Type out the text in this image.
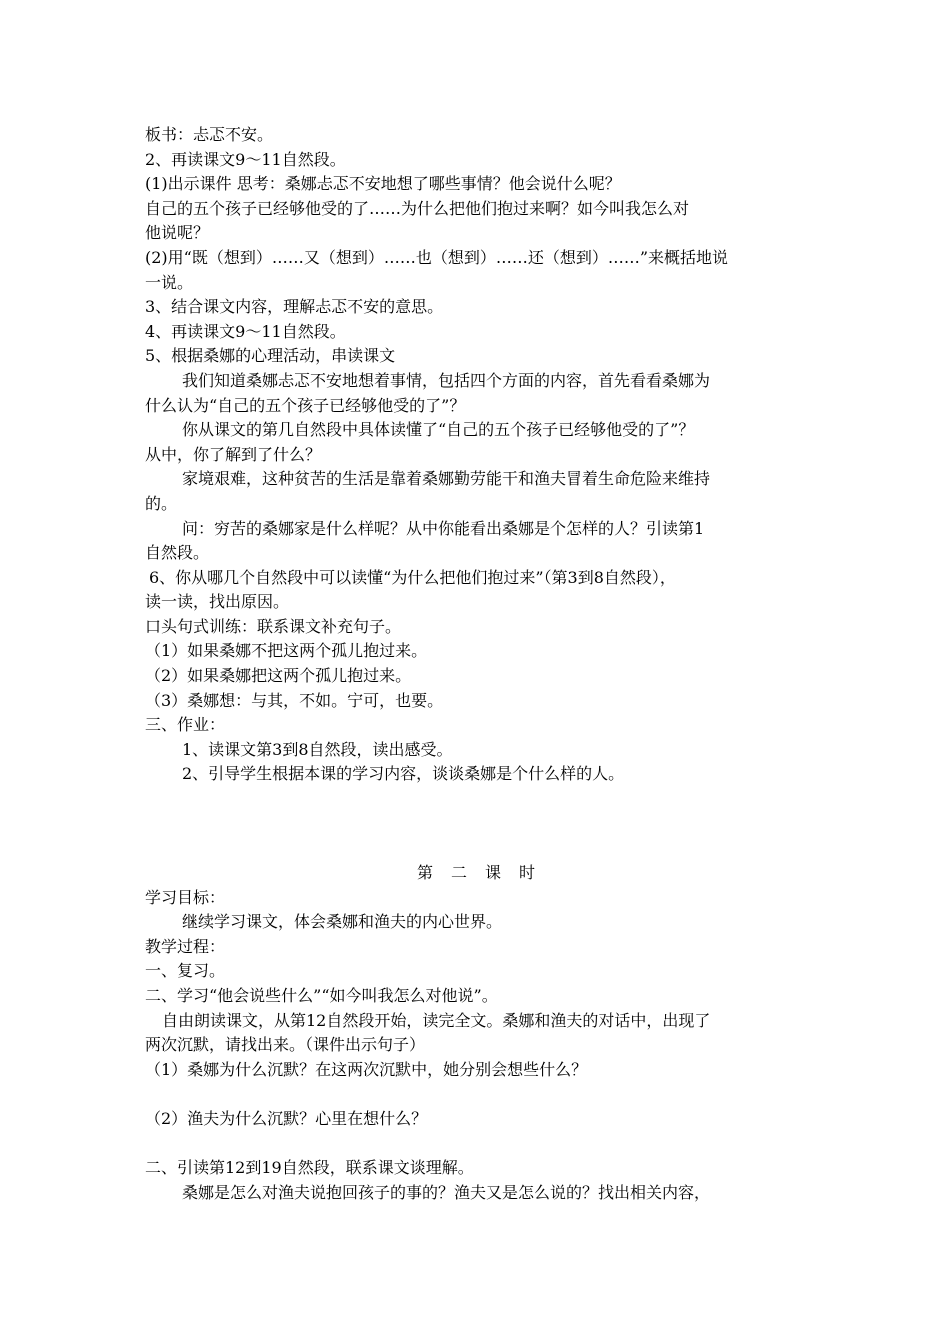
板书：忐忑不安。
2、再读课文9～11自然段。
(1)出示课件 思考：桑娜忐忑不安地想了哪些事情？他会说什么呢？
自己的五个孩子已经够他受的了……为什么把他们抱过来啊？如今叫我怎么对
他说呢？
(2)用“既（想到）……又（想到）……也（想到）……还（想到）……”来概括地说
一说。
3、结合课文内容，理解忐忑不安的意思。
4、再读课文9～11自然段。
5、根据桑娜的心理活动，串读课文
我们知道桑娜忐忑不安地想着事情，包括四个方面的内容，首先看看桑娜为
什么认为“自己的五个孩子已经够他受的了”？
你从课文的第几自然段中具体读懂了“自己的五个孩子已经够他受的了”？
从中，你了解到了什么？
家境艰难，这种贫苦的生活是靠着桑娜勤劳能干和渔夫冒着生命危险来维持
的。
问：穷苦的桑娜家是什么样呢？从中你能看出桑娜是个怎样的人？引读第1
自然段。
6、你从哪几个自然段中可以读懂“为什么把他们抱过来”（第3到8自然段），
读一读，找出原因。
口头句式训练：联系课文补充句子。
（1）如果桑娜不把这两个孤儿抱过来。
（2）如果桑娜把这两个孤儿抱过来。
（3）桑娜想：与其，不如。宁可，也要。
三、作业：
1、读课文第3到8自然段，读出感受。
2、引导学生根据本课的学习内容，谈谈桑娜是个什么样的人。
第二课时
学习目标：
继续学习课文，体会桑娜和渔夫的内心世界。
教学过程：
一、复习。
二、学习“他会说些什么”“如今叫我怎么对他说”。
自由朗读课文，从第12自然段开始，读完全文。桑娜和渔夫的对话中，出现了
两次沉默，请找出来。（课件出示句子）
（1）桑娜为什么沉默？在这两次沉默中，她分别会想些什么？
（2）渔夫为什么沉默？心里在想什么？
二、引读第12到19自然段，联系课文谈理解。
桑娜是怎么对渔夫说抱回孩子的事的？渔夫又是怎么说的？找出相关内容，
